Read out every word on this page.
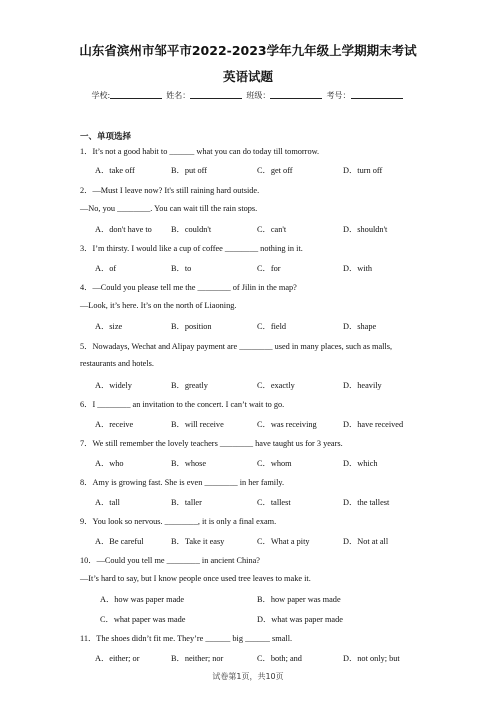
山东省滨州市邹平市2022-2023学年九年级上学期期末考试
英语试题
学校:	姓名：	班级：	考号：
一、单项选择
1．It’s not a good habit to ______ what you can do today till tomorrow.
A．take off	B．put off	C．get off	D．turn off
2．—Must I leave now? It's still raining hard outside.
—No, you ________. You can wait till the rain stops.
A．don't have to B．couldn't	C．can't	D．shouldn't
3．I’m thirsty. I would like a cup of coffee ________ nothing in it.
A．of	B．to	C．for	D．with
4．—Could you please tell me the ________ of Jilin in the map?
—Look, it’s here. It’s on the north of Liaoning.
A．size	B．position	C．field	D．shape
5．Nowadays, Wechat and Alipay payment are ________ used in many places, such as malls,
restaurants and hotels.
A．widely	B．greatly	C．exactly	D．heavily
6．I ________ an invitation to the concert. I can’t wait to go.
A．receive	B．will receive	C．was receiving	D．have received
7．We still remember the lovely teachers ________ have taught us for 3 years.
A．who	B．whose	C．whom	D．which
8．Amy is growing fast. She is even ________ in her family.
A．tall	B．taller	C．tallest	D．the tallest
9．You look so nervous. ________, it is only a final exam.
A．Be careful	B．Take it easy	C．What a pity	D．Not at all
10．—Could you tell me ________ in ancient China?
—It’s hard to say, but I know people once used tree leaves to make it.
A．how was paper made	B．how paper was made
C．what paper was made	D．what was paper made
11．The shoes didn’t fit me. They’re ______ big ______ small.
A．either; or	B．neither; nor	C．both; and	D．not only; but
试卷第1页，共10页
